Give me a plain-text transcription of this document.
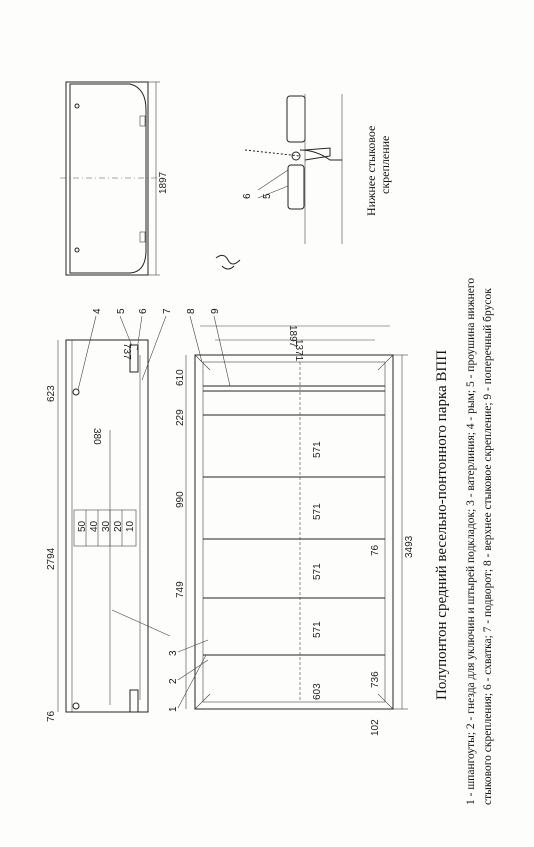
1897
6 5	Нижнее стыковое скрепление
50 40 30 20 10
623
2794
76
380
737
4 5 6 7
1897
1371
610
229
990
749
571
571
571
571
603
76
736
3493
102
8 9
1
2
3	Полупонтон средний весельно-понтонного парка ВПП 1 - шпангоуты; 2 - гнезда для уключин и штырей подкладок; 3 - ватерлиния; 4 - рым; 5 - проушина нижнего стыкового скрепления; 6 - схватка; 7 - подворот; 8 - верхнее стыковое скрепление; 9 - поперечный брусок
